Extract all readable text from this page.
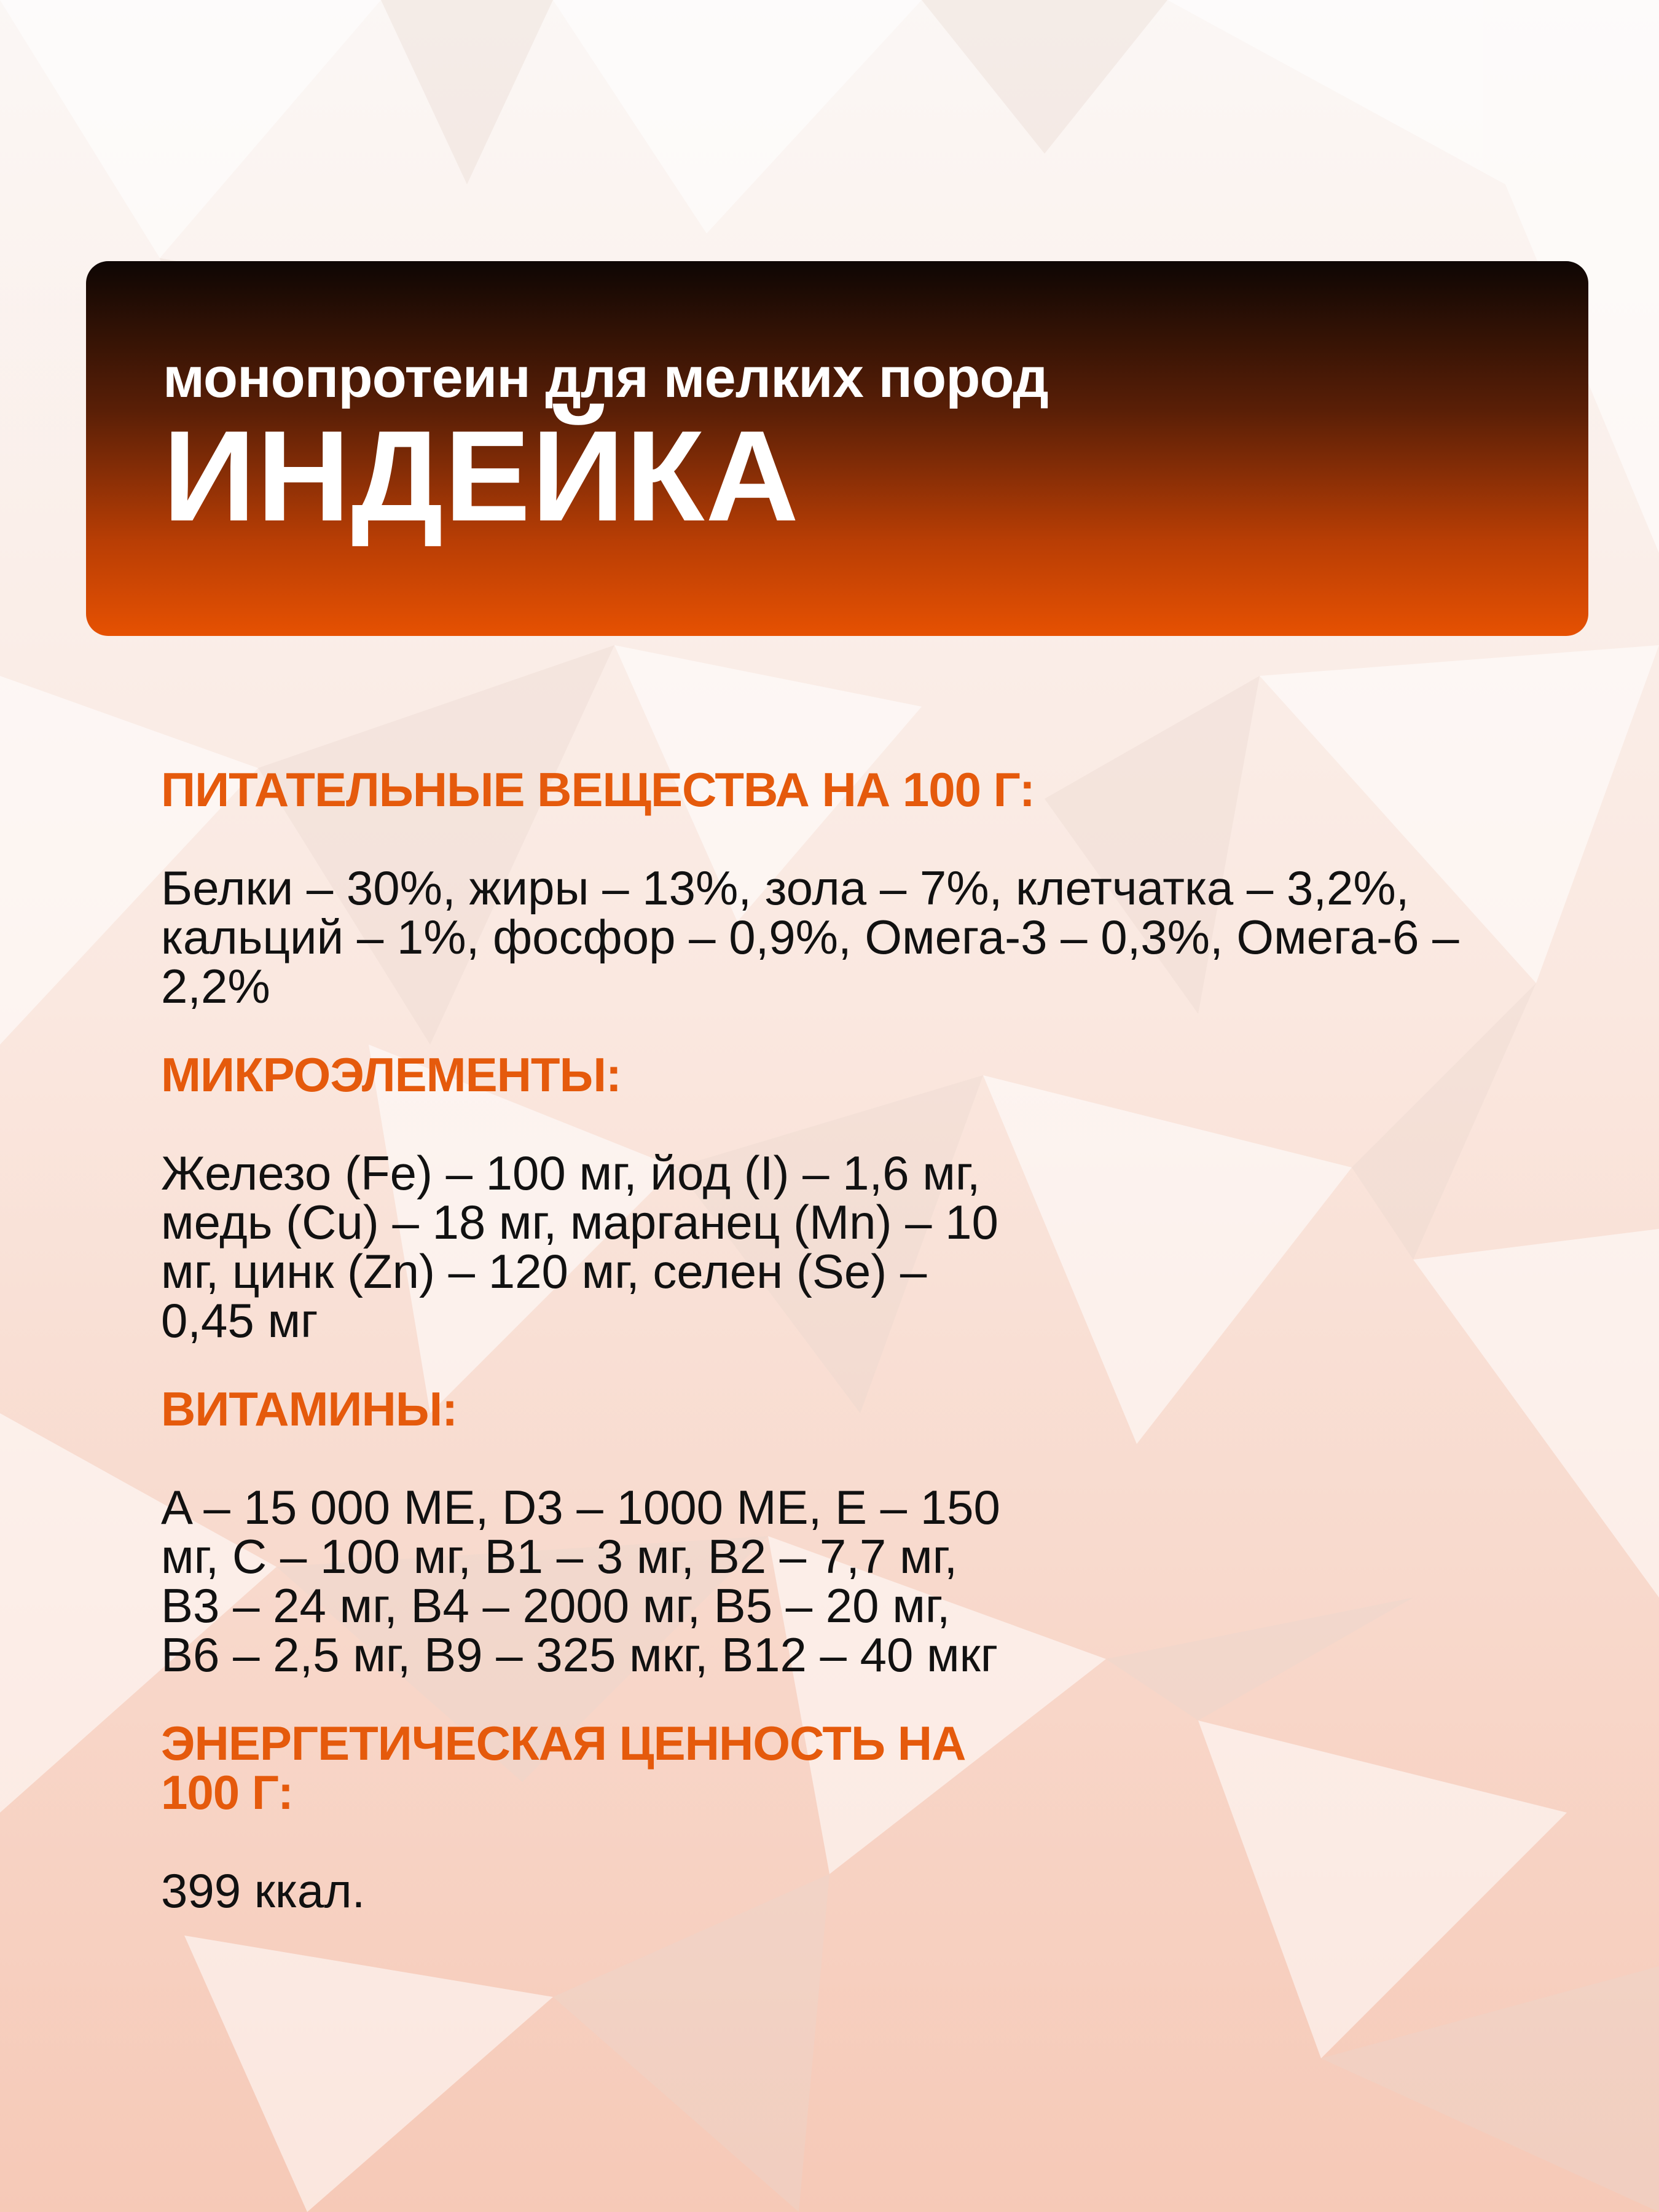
монопротеин для мелких пород
ИНДЕЙКА
ПИТАТЕЛЬНЫЕ ВЕЩЕСТВА НА 100 Г:
Белки – 30%, жиры – 13%, зола – 7%, клетчатка – 3,2%, кальций – 1%, фосфор – 0,9%, Омега-3 – 0,3%, Омега-6 – 2,2%
МИКРОЭЛЕМЕНТЫ:
Железо (Fe) – 100 мг, йод (I) – 1,6 мг, медь (Cu) – 18 мг, марганец (Mn) – 10 мг, цинк (Zn) – 120 мг, селен (Se) – 0,45 мг
ВИТАМИНЫ:
A – 15 000 МЕ, D3 – 1000 МЕ, E – 150 мг, C – 100 мг, B1 – 3 мг, B2 – 7,7 мг, B3 – 24 мг, B4 – 2000 мг, B5 – 20 мг, B6 – 2,5 мг, B9 – 325 мкг, B12 – 40 мкг
ЭНЕРГЕТИЧЕСКАЯ ЦЕННОСТЬ НА 100 Г:
399 ккал.
